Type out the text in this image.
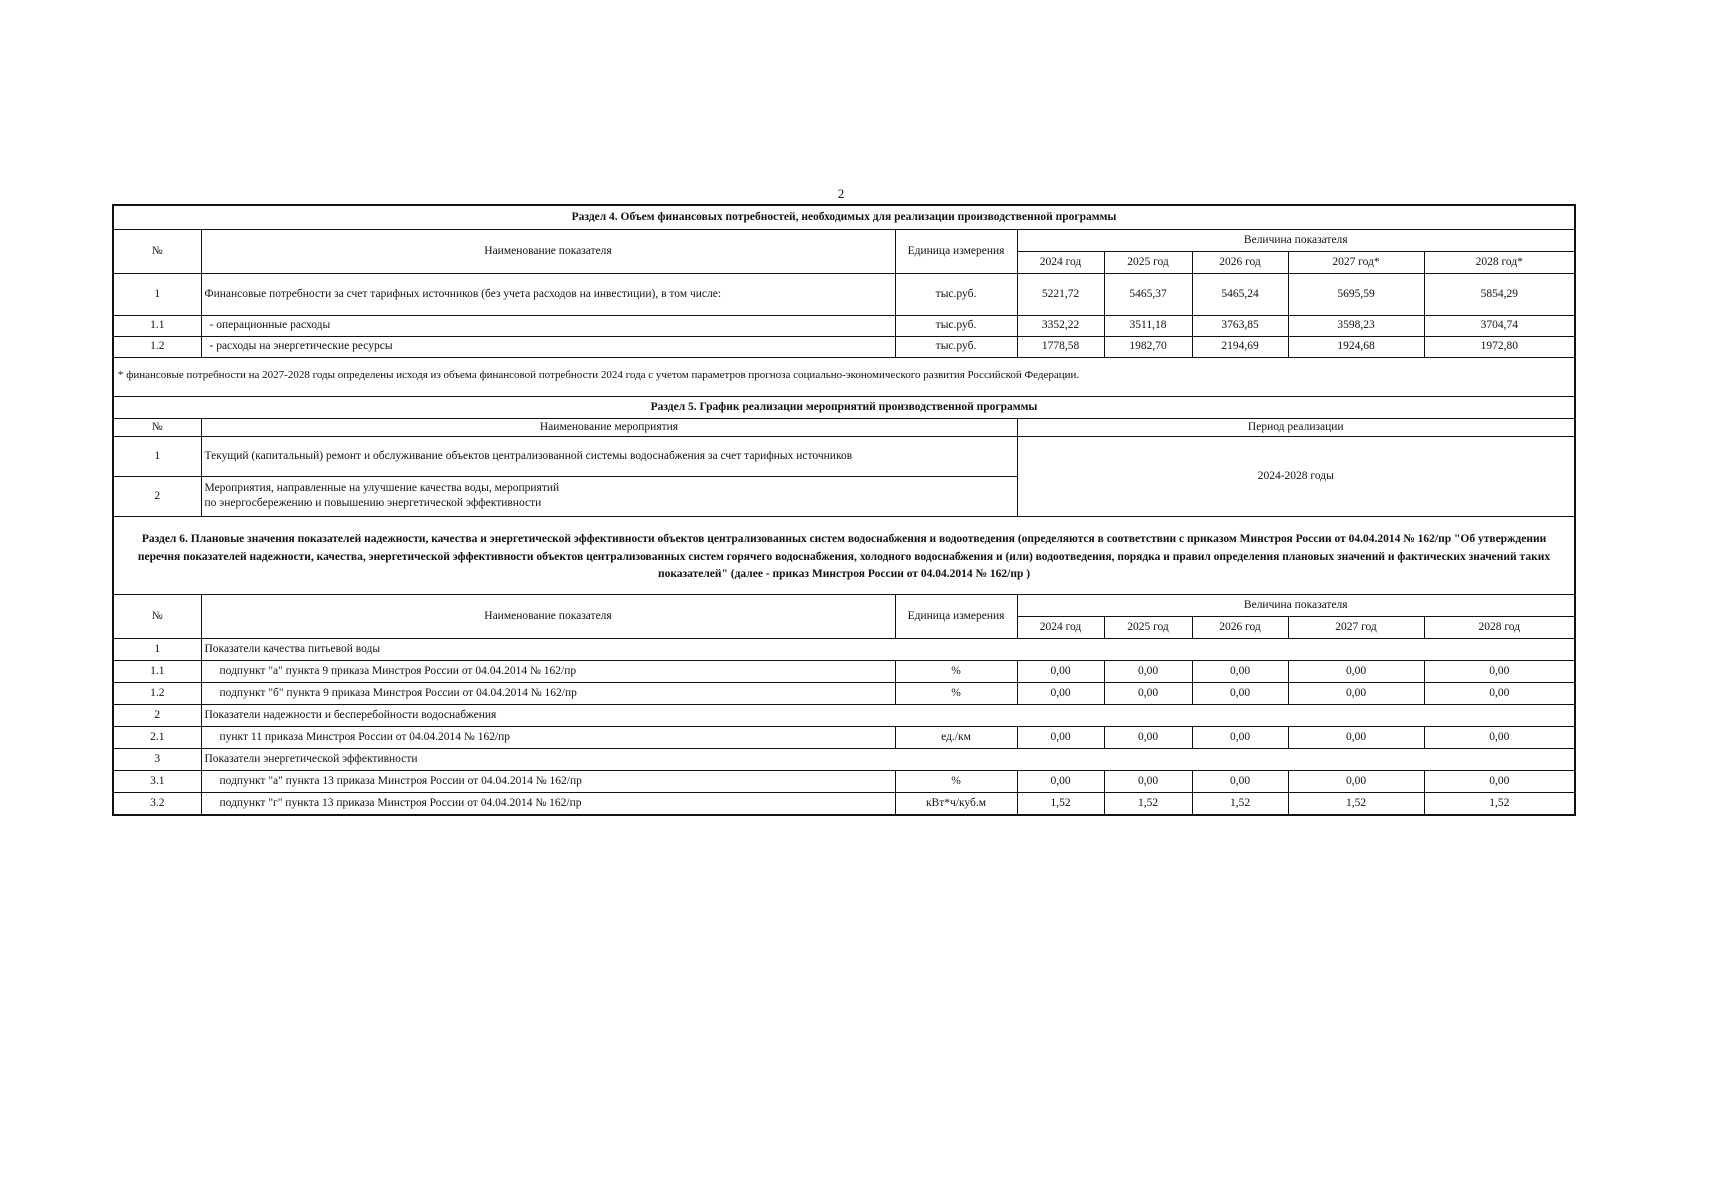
2
Раздел 4. Объем финансовых потребностей, необходимых для реализации производственной программы							
№	Наименование показателя	Единица измерения	Величина показателя				
			2024 год	2025 год	2026 год	2027 год*	2028 год*
1	Финансовые потребности за счет тарифных источников (без учета расходов на инвестиции), в том числе:	тыс.руб.	5221,72	5465,37	5465,24	5695,59	5854,29
1.1	- операционные расходы	тыс.руб.	3352,22	3511,18	3763,85	3598,23	3704,74
1.2	- расходы на энергетические ресурсы	тыс.руб.	1778,58	1982,70	2194,69	1924,68	1972,80
* финансовые потребности на 2027-2028 годы определены исходя из объема финансовой потребности 2024 года с учетом параметров прогноза социально-экономического развития Российской Федерации.							
Раздел 5. График реализации мероприятий производственной программы							
№	Наименование мероприятия		Период реализации				
1	Текущий (капитальный) ремонт и обслуживание объектов централизованной системы водоснабжения за счет тарифных источников		2024-2028 годы				
2	Мероприятия, направленные на улучшение качества воды, мероприятий
по энергосбережению и повышению энергетической эффективности						
Раздел 6. Плановые значения показателей надежности, качества и энергетической эффективности объектов централизованных систем водоснабжения и водоотведения (определяются в соответствии с приказом Минстроя России от 04.04.2014 № 162/пр "Об утверждении перечня показателей надежности, качества, энергетической эффективности объектов централизованных систем горячего водоснабжения, холодного водоснабжения и (или) водоотведения, порядка и правил определения плановых значений и фактических значений таких показателей" (далее - приказ Минстроя России от 04.04.2014 № 162/пр )							
№	Наименование показателя	Единица измерения	Величина показателя				
			2024 год	2025 год	2026 год	2027 год	2028 год
1	Показатели качества питьевой воды						
1.1	подпункт "а" пункта 9 приказа Минстроя России от 04.04.2014 № 162/пр	%	0,00	0,00	0,00	0,00	0,00
1.2	подпункт "б" пункта 9 приказа Минстроя России от 04.04.2014 № 162/пр	%	0,00	0,00	0,00	0,00	0,00
2	Показатели надежности и бесперебойности водоснабжения						
2.1	пункт 11 приказа Минстроя России от 04.04.2014 № 162/пр	ед./км	0,00	0,00	0,00	0,00	0,00
3	Показатели энергетической эффективности						
3.1	подпункт "а" пункта 13 приказа Минстроя России от 04.04.2014 № 162/пр	%	0,00	0,00	0,00	0,00	0,00
3.2	подпункт "г" пункта 13 приказа Минстроя России от 04.04.2014 № 162/пр	кВт*ч/куб.м	1,52	1,52	1,52	1,52	1,52
